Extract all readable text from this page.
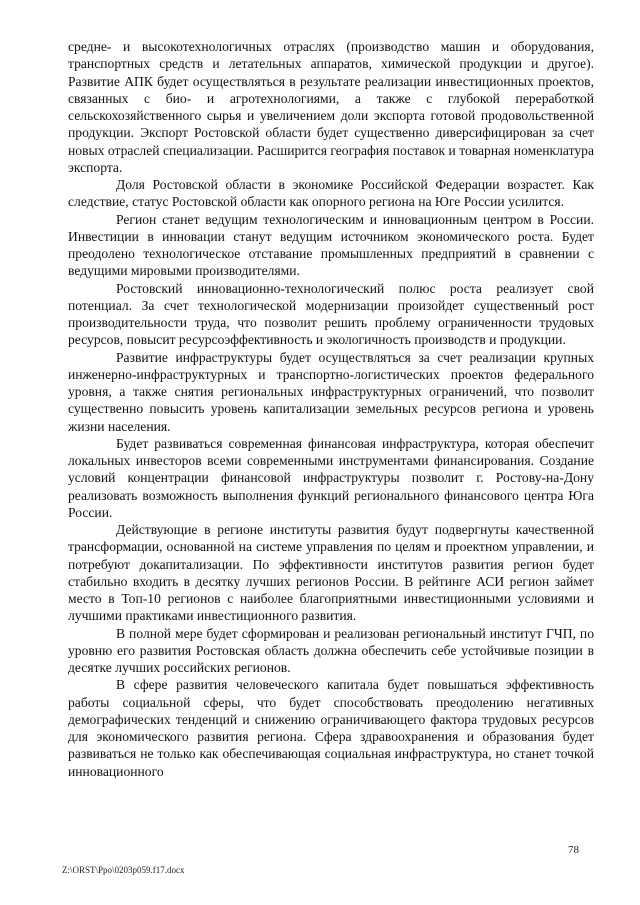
средне- и высокотехнологичных отраслях (производство машин и оборудования, транспортных средств и летательных аппаратов, химической продукции и другое). Развитие АПК будет осуществляться в результате реализации инвестиционных проектов, связанных с био- и агротехнологиями, а также с глубокой переработкой сельскохозяйственного сырья и увеличением доли экспорта готовой продовольственной продукции. Экспорт Ростовской области будет существенно диверсифицирован за счет новых отраслей специализации. Расширится география поставок и товарная номенклатура экспорта.

Доля Ростовской области в экономике Российской Федерации возрастет. Как следствие, статус Ростовской области как опорного региона на Юге России усилится.

Регион станет ведущим технологическим и инновационным центром в России. Инвестиции в инновации станут ведущим источником экономического роста. Будет преодолено технологическое отставание промышленных предприятий в сравнении с ведущими мировыми производителями.

Ростовский инновационно-технологический полюс роста реализует свой потенциал. За счет технологической модернизации произойдет существенный рост производительности труда, что позволит решить проблему ограниченности трудовых ресурсов, повысит ресурсоэффективность и экологичность производств и продукции.

Развитие инфраструктуры будет осуществляться за счет реализации крупных инженерно-инфраструктурных и транспортно-логистических проектов федерального уровня, а также снятия региональных инфраструктурных ограничений, что позволит существенно повысить уровень капитализации земельных ресурсов региона и уровень жизни населения.

Будет развиваться современная финансовая инфраструктура, которая обеспечит локальных инвесторов всеми современными инструментами финансирования. Создание условий концентрации финансовой инфраструктуры позволит г. Ростову-на-Дону реализовать возможность выполнения функций регионального финансового центра Юга России.

Действующие в регионе институты развития будут подвергнуты качественной трансформации, основанной на системе управления по целям и проектном управлении, и потребуют докапитализации. По эффективности институтов развития регион будет стабильно входить в десятку лучших регионов России. В рейтинге АСИ регион займет место в Топ-10 регионов с наиболее благоприятными инвестиционными условиями и лучшими практиками инвестиционного развития.

В полной мере будет сформирован и реализован региональный институт ГЧП, по уровню его развития Ростовская область должна обеспечить себе устойчивые позиции в десятке лучших российских регионов.

В сфере развития человеческого капитала будет повышаться эффективность работы социальной сферы, что будет способствовать преодолению негативных демографических тенденций и снижению ограничивающего фактора трудовых ресурсов для экономического развития региона. Сфера здравоохранения и образования будет развиваться не только как обеспечивающая социальная инфраструктура, но станет точкой инновационного

78
Z:\ORST\Ppo\0203p059.f17.docx
